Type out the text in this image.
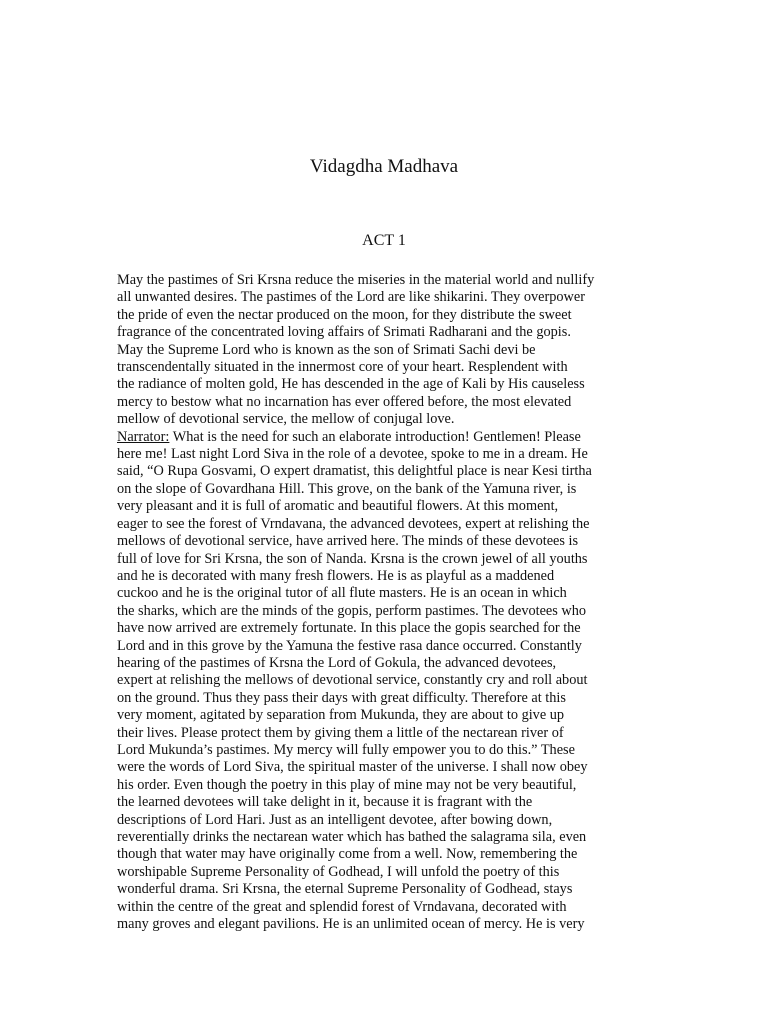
Vidagdha Madhava
ACT 1
May the pastimes of Sri Krsna reduce the miseries in the material world and nullify
all unwanted desires. The pastimes of the Lord are like shikarini. They overpower
the pride of even the nectar produced on the moon, for they distribute the sweet
fragrance of the concentrated loving affairs of Srimati Radharani and the gopis.
May the Supreme Lord who is known as the son of Srimati Sachi devi be
transcendentally situated in the innermost core of your heart. Resplendent with
the radiance of molten gold, He has descended in the age of Kali by His causeless
mercy to bestow what no incarnation has ever offered before, the most elevated
mellow of devotional service, the mellow of conjugal love.
Narrator: What is the need for such an elaborate introduction! Gentlemen! Please
here me! Last night Lord Siva in the role of a devotee, spoke to me in a dream. He
said, “O Rupa Gosvami, O expert dramatist, this delightful place is near Kesi tirtha
on the slope of Govardhana Hill. This grove, on the bank of the Yamuna river, is
very pleasant and it is full of aromatic and beautiful flowers. At this moment,
eager to see the forest of Vrndavana, the advanced devotees, expert at relishing the
mellows of devotional service, have arrived here. The minds of these devotees is
full of love for Sri Krsna, the son of Nanda. Krsna is the crown jewel of all youths
and he is decorated with many fresh flowers. He is as playful as a maddened
cuckoo and he is the original tutor of all flute masters. He is an ocean in which
the sharks, which are the minds of the gopis, perform pastimes. The devotees who
have now arrived are extremely fortunate. In this place the gopis searched for the
Lord and in this grove by the Yamuna the festive rasa dance occurred. Constantly
hearing of the pastimes of Krsna the Lord of Gokula, the advanced devotees,
expert at relishing the mellows of devotional service, constantly cry and roll about
on the ground. Thus they pass their days with great difficulty. Therefore at this
very moment, agitated by separation from Mukunda, they are about to give up
their lives. Please protect them by giving them a little of the nectarean river of
Lord Mukunda’s pastimes. My mercy will fully empower you to do this.” These
were the words of Lord Siva, the spiritual master of the universe. I shall now obey
his order. Even though the poetry in this play of mine may not be very beautiful,
the learned devotees will take delight in it, because it is fragrant with the
descriptions of Lord Hari. Just as an intelligent devotee, after bowing down,
reverentially drinks the nectarean water which has bathed the salagrama sila, even
though that water may have originally come from a well. Now, remembering the
worshipable Supreme Personality of Godhead, I will unfold the poetry of this
wonderful drama. Sri Krsna, the eternal Supreme Personality of Godhead, stays
within the centre of the great and splendid forest of Vrndavana, decorated with
many groves and elegant pavilions. He is an unlimited ocean of mercy. He is very
